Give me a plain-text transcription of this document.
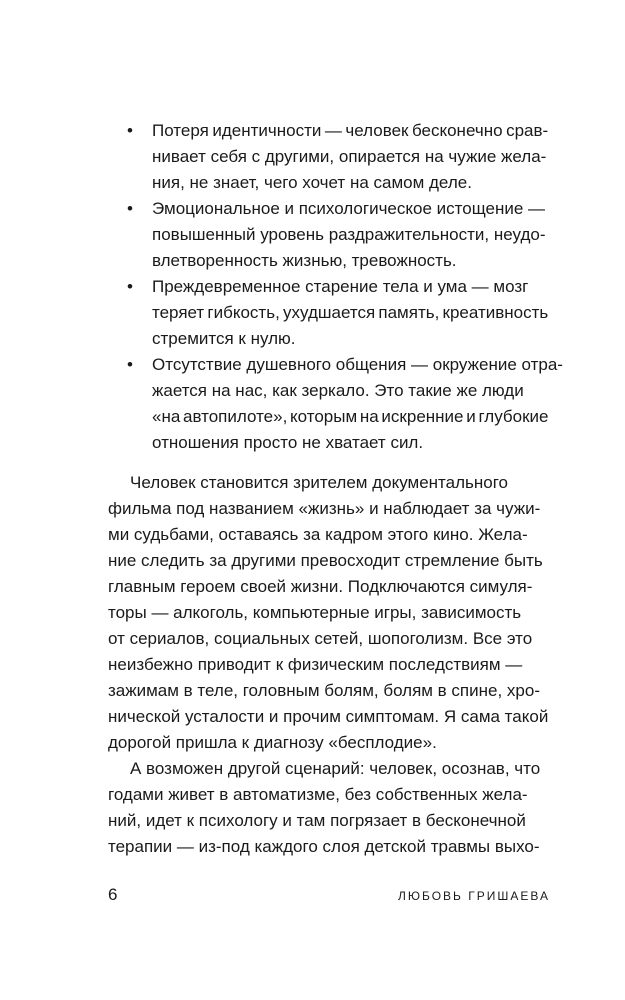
• Потеря идентичности — человек бесконечно срав-
нивает себя с другими, опирается на чужие жела-
ния, не знает, чего хочет на самом деле.
• Эмоциональное и психологическое истощение —
повышенный уровень раздражительности, неудо-
влетворенность жизнью, тревожность.
• Преждевременное старение тела и ума — мозг
теряет гибкость, ухудшается память, креативность
стремится к нулю.
• Отсутствие душевного общения — окружение отра-
жается на нас, как зеркало. Это такие же люди
«на автопилоте», которым на искренние и глубокие
отношения просто не хватает сил.
Человек становится зрителем документального
фильма под названием «жизнь» и наблюдает за чужи-
ми судьбами, оставаясь за кадром этого кино. Жела-
ние следить за другими превосходит стремление быть
главным героем своей жизни. Подключаются симуля-
торы — алкоголь, компьютерные игры, зависимость
от сериалов, социальных сетей, шопоголизм. Все это
неизбежно приводит к физическим последствиям —
зажимам в теле, головным болям, болям в спине, хро-
нической усталости и прочим симптомам. Я сама такой
дорогой пришла к диагнозу «бесплодие».
А возможен другой сценарий: человек, осознав, что
годами живет в автоматизме, без собственных жела-
ний, идет к психологу и там погрязает в бесконечной
терапии — из-под каждого слоя детской травмы выхо-
6	ЛЮБОВЬ ГРИШАЕВА
